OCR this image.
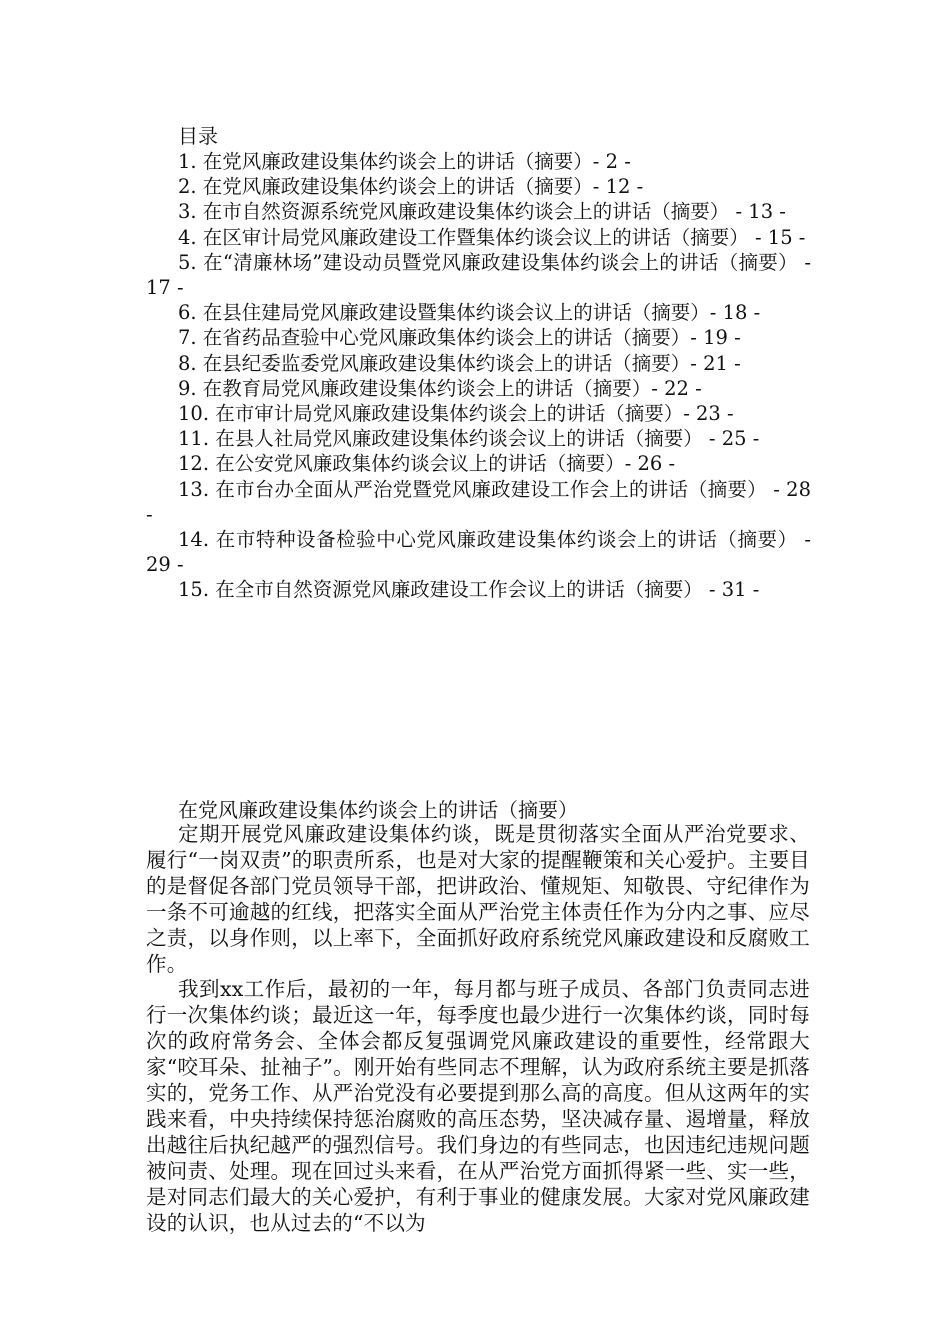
目录

1. 在党风廉政建设集体约谈会上的讲话（摘要）- 2 -

2. 在党风廉政建设集体约谈会上的讲话（摘要）- 12 -

3. 在市自然资源系统党风廉政建设集体约谈会上的讲话（摘要） - 13 -

4. 在区审计局党风廉政建设工作暨集体约谈会议上的讲话（摘要） - 15 -

5. 在“清廉林场”建设动员暨党风廉政建设集体约谈会上的讲话（摘要） - 17 -

6. 在县住建局党风廉政建设暨集体约谈会议上的讲话（摘要）- 18 -

7. 在省药品查验中心党风廉政集体约谈会上的讲话（摘要）- 19 -

8. 在县纪委监委党风廉政建设集体约谈会上的讲话（摘要）- 21 -

9. 在教育局党风廉政建设集体约谈会上的讲话（摘要）- 22 -

10. 在市审计局党风廉政建设集体约谈会上的讲话（摘要）- 23 -

11. 在县人社局党风廉政建设集体约谈会议上的讲话（摘要） - 25 -

12. 在公安党风廉政集体约谈会议上的讲话（摘要）- 26 -

13. 在市台办全面从严治党暨党风廉政建设工作会上的讲话（摘要） - 28 -

14. 在市特种设备检验中心党风廉政建设集体约谈会上的讲话（摘要） - 29 -

15. 在全市自然资源党风廉政建设工作会议上的讲话（摘要） - 31 -

在党风廉政建设集体约谈会上的讲话（摘要）

定期开展党风廉政建设集体约谈，既是贯彻落实全面从严治党要求、履行“一岗双责”的职责所系，也是对大家的提醒鞭策和关心爱护。主要目的是督促各部门党员领导干部，把讲政治、懂规矩、知敬畏、守纪律作为一条不可逾越的红线，把落实全面从严治党主体责任作为分内之事、应尽之责，以身作则，以上率下，全面抓好政府系统党风廉政建设和反腐败工作。

我到xx工作后，最初的一年，每月都与班子成员、各部门负责同志进行一次集体约谈；最近这一年，每季度也最少进行一次集体约谈，同时每次的政府常务会、全体会都反复强调党风廉政建设的重要性，经常跟大家“咬耳朵、扯袖子”。刚开始有些同志不理解，认为政府系统主要是抓落实的，党务工作、从严治党没有必要提到那么高的高度。但从这两年的实践来看，中央持续保持惩治腐败的高压态势，坚决减存量、遏增量，释放出越往后执纪越严的强烈信号。我们身边的有些同志，也因违纪违规问题被问责、处理。现在回过头来看，在从严治党方面抓得紧一些、实一些，是对同志们最大的关心爱护，有利于事业的健康发展。大家对党风廉政建设的认识，也从过去的“不以为
